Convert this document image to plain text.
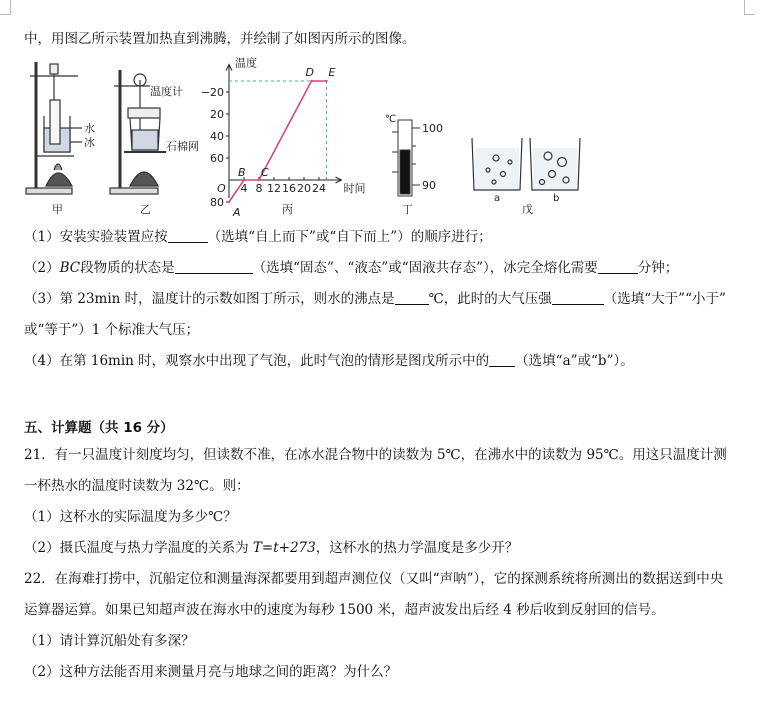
中，用图乙所示装置加热直到沸腾，并绘制了如图丙所示的图像。
水
冰
甲
温度计
石棉网
乙
温度
时间
O
80
60
40
20
−20
4 8 12 16 20 24
A
B C
D E
丙
℃
100
90
丁
a	b
戊
（1）安装实验装置应按	（选填“自上而下”或“自下而上”）的顺序进行；
（2）BC段物质的状态是	（选填“固态”、“液态”或“固液共存态”），冰完全熔化需要	分钟；
（3）第 23min 时，温度计的示数如图丁所示，则水的沸点是	℃，此时的大气压强	（选填“大于”“小于”
或“等于”）1 个标准大气压；
（4）在第 16min 时，观察水中出现了气泡，此时气泡的情形是图戊所示中的 （选填“a”或“b”）。
五、计算题（共 16 分）
21．有一只温度计刻度均匀，但读数不准，在冰水混合物中的读数为 5℃，在沸水中的读数为 95℃。用这只温度计测
一杯热水的温度时读数为 32℃。则：
（1）这杯水的实际温度为多少℃？
（2）摄氏温度与热力学温度的关系为 T=t+273，这杯水的热力学温度是多少开？
22．在海难打捞中，沉船定位和测量海深都要用到超声测位仪（又叫“声呐”），它的探测系统将所测出的数据送到中央
运算器运算。如果已知超声波在海水中的速度为每秒 1500 米，超声波发出后经 4 秒后收到反射回的信号。
（1）请计算沉船处有多深？
（2）这种方法能否用来测量月亮与地球之间的距离？为什么？
